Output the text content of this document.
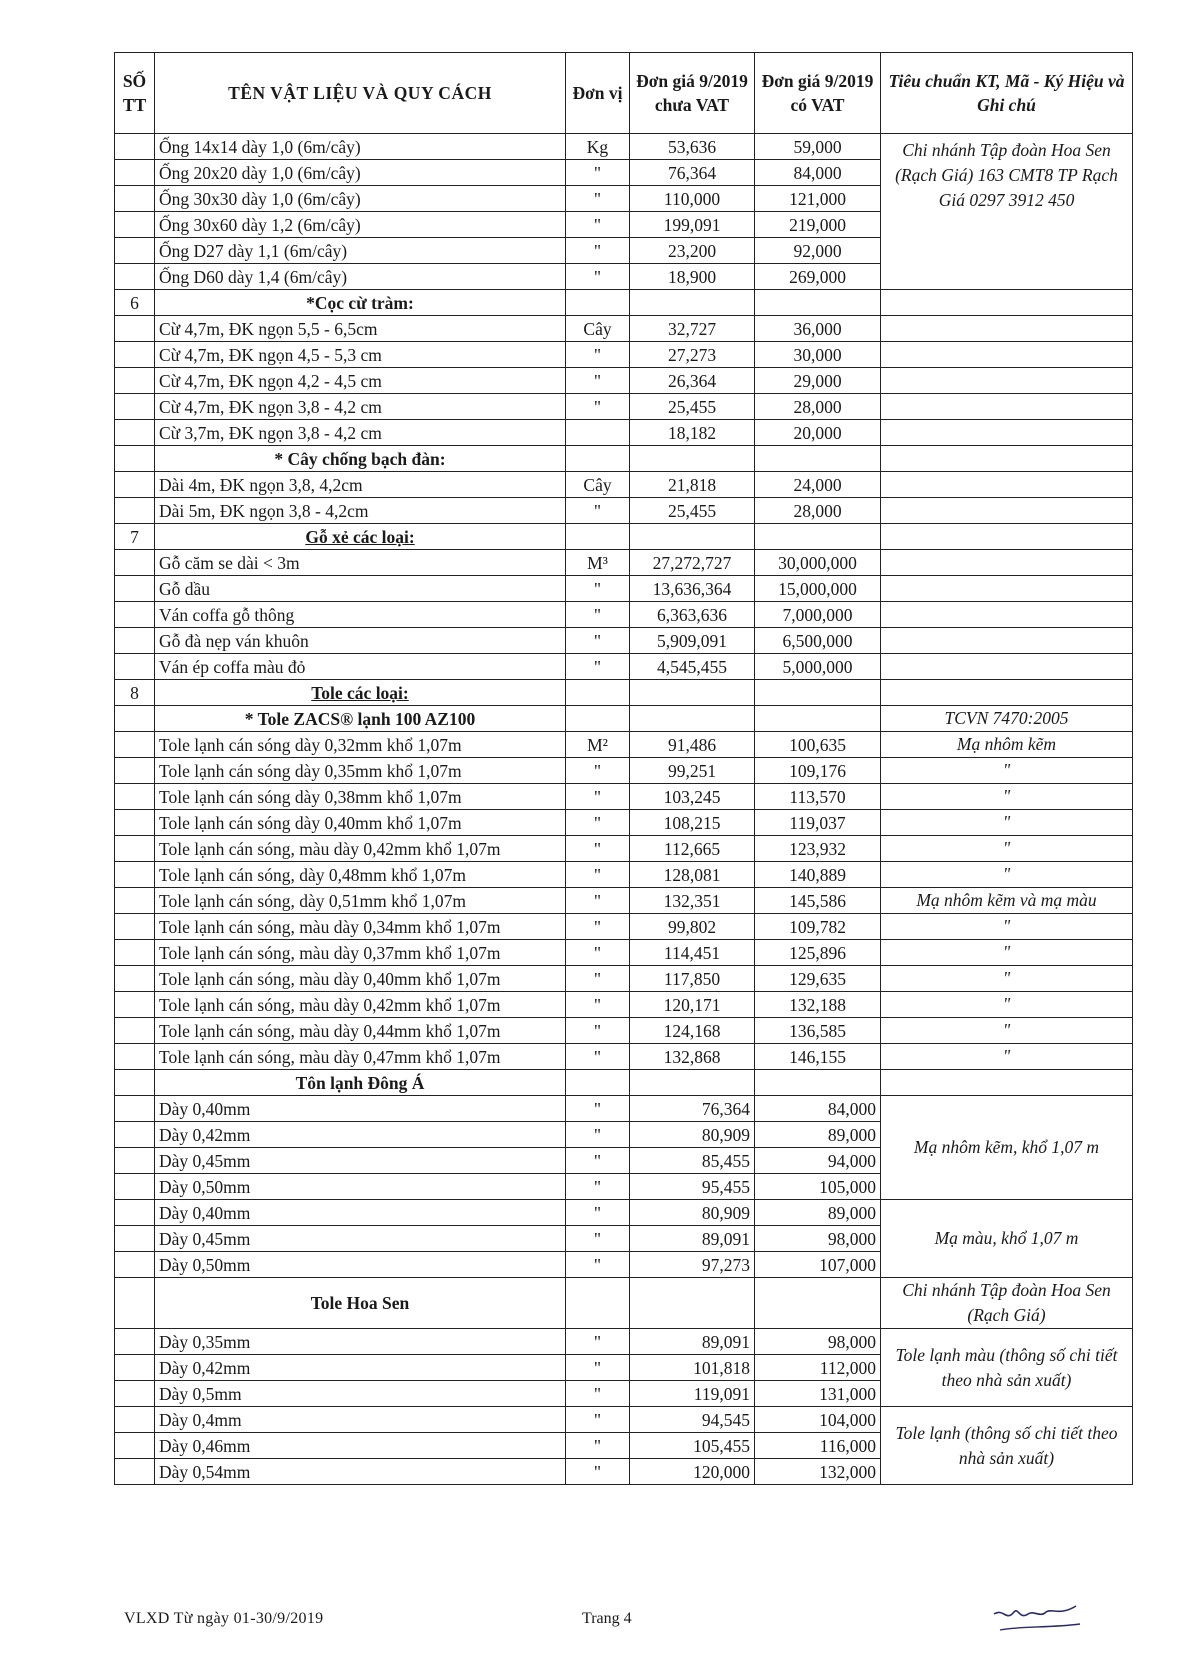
SỐ TT	TÊN VẬT LIỆU VÀ QUY CÁCH	Đơn vị	Đơn giá 9/2019 chưa VAT	Đơn giá 9/2019 có VAT	Tiêu chuẩn KT, Mã - Ký Hiệu và Ghi chú
	Ống 14x14 dày 1,0 (6m/cây)	Kg	53,636	59,000	Chi nhánh Tập đoàn Hoa Sen (Rạch Giá) 163 CMT8 TP Rạch Giá 0297 3912 450
	Ống 20x20 dày 1,0 (6m/cây)	"	76,364	84,000	
	Ống 30x30 dày 1,0 (6m/cây)	"	110,000	121,000	
	Ống 30x60 dày 1,2 (6m/cây)	"	199,091	219,000	
	Ống D27 dày 1,1 (6m/cây)	"	23,200	92,000	
	Ống D60 dày 1,4 (6m/cây)	"	18,900	269,000	
6	*Cọc cừ tràm:				
	Cừ 4,7m, ĐK ngọn 5,5 - 6,5cm	Cây	32,727	36,000	
	Cừ 4,7m, ĐK ngọn 4,5 - 5,3 cm	"	27,273	30,000	
	Cừ 4,7m, ĐK ngọn 4,2 - 4,5 cm	"	26,364	29,000	
	Cừ 4,7m, ĐK ngọn 3,8 - 4,2 cm	"	25,455	28,000	
	Cừ 3,7m, ĐK ngọn 3,8 - 4,2 cm		18,182	20,000	
	* Cây chống bạch đàn:				
	Dài 4m, ĐK ngọn 3,8, 4,2cm	Cây	21,818	24,000	
	Dài 5m, ĐK ngọn 3,8 - 4,2cm	"	25,455	28,000	
7	Gỗ xẻ các loại:				
	Gỗ căm se dài < 3m	M³	27,272,727	30,000,000	
	Gỗ dầu	"	13,636,364	15,000,000	
	Ván coffa gỗ thông	"	6,363,636	7,000,000	
	Gỗ đà nẹp ván khuôn	"	5,909,091	6,500,000	
	Ván ép coffa màu đỏ	"	4,545,455	5,000,000	
8	Tole các loại:				
	* Tole ZACS® lạnh 100 AZ100				TCVN 7470:2005
	Tole lạnh cán sóng dày 0,32mm khổ 1,07m	M²	91,486	100,635	Mạ nhôm kẽm
	Tole lạnh cán sóng dày 0,35mm khổ 1,07m	"	99,251	109,176	"
	Tole lạnh cán sóng dày 0,38mm khổ 1,07m	"	103,245	113,570	"
	Tole lạnh cán sóng dày 0,40mm khổ 1,07m	"	108,215	119,037	"
	Tole lạnh cán sóng, màu dày 0,42mm khổ 1,07m	"	112,665	123,932	"
	Tole lạnh cán sóng, dày 0,48mm khổ 1,07m	"	128,081	140,889	"
	Tole lạnh cán sóng, dày 0,51mm khổ 1,07m	"	132,351	145,586	Mạ nhôm kẽm và mạ màu
	Tole lạnh cán sóng, màu dày 0,34mm khổ 1,07m	"	99,802	109,782	"
	Tole lạnh cán sóng, màu dày 0,37mm khổ 1,07m	"	114,451	125,896	"
	Tole lạnh cán sóng, màu dày 0,40mm khổ 1,07m	"	117,850	129,635	"
	Tole lạnh cán sóng, màu dày 0,42mm khổ 1,07m	"	120,171	132,188	"
	Tole lạnh cán sóng, màu dày 0,44mm khổ 1,07m	"	124,168	136,585	"
	Tole lạnh cán sóng, màu dày 0,47mm khổ 1,07m	"	132,868	146,155	"
	Tôn lạnh Đông Á				
	Dày 0,40mm	"	76,364	84,000	Mạ nhôm kẽm, khổ 1,07 m
	Dày 0,42mm	"	80,909	89,000	
	Dày 0,45mm	"	85,455	94,000	
	Dày 0,50mm	"	95,455	105,000	
	Dày 0,40mm	"	80,909	89,000	Mạ màu, khổ 1,07 m
	Dày 0,45mm	"	89,091	98,000	
	Dày 0,50mm	"	97,273	107,000	
	Tole Hoa Sen				Chi nhánh Tập đoàn Hoa Sen (Rạch Giá)
	Dày 0,35mm	"	89,091	98,000	Tole lạnh màu (thông số chi tiết theo nhà sản xuất)
	Dày 0,42mm	"	101,818	112,000	
	Dày 0,5mm	"	119,091	131,000	
	Dày 0,4mm	"	94,545	104,000	Tole lạnh (thông số chi tiết theo nhà sản xuất)
	Dày 0,46mm	"	105,455	116,000	
	Dày 0,54mm	"	120,000	132,000	
VLXD Từ ngày 01-30/9/2019	Trang 4
